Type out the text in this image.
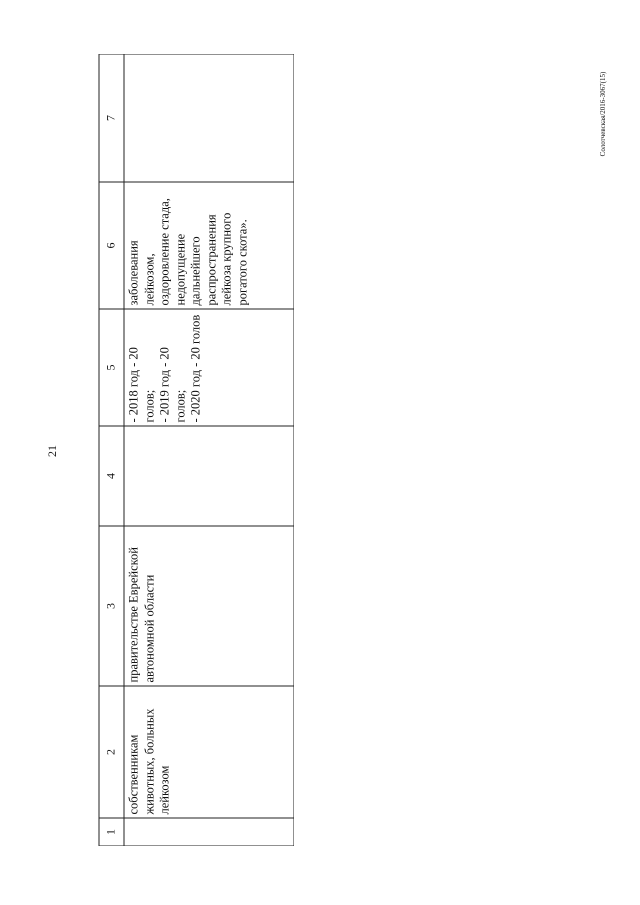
21
Солотчевская/2016-3067(15)
1	2	3	4	5	6	7
	собственникам животных, больных лейкозом	правительстве Еврейской автономной области		- 2018 год - 20 голов;
- 2019 год - 20 голов;
- 2020 год - 20 голов	заболевания лейкозом, оздоровление стада, недопущение дальнейшего распространения лейкоза крупного рогатого скота».	
